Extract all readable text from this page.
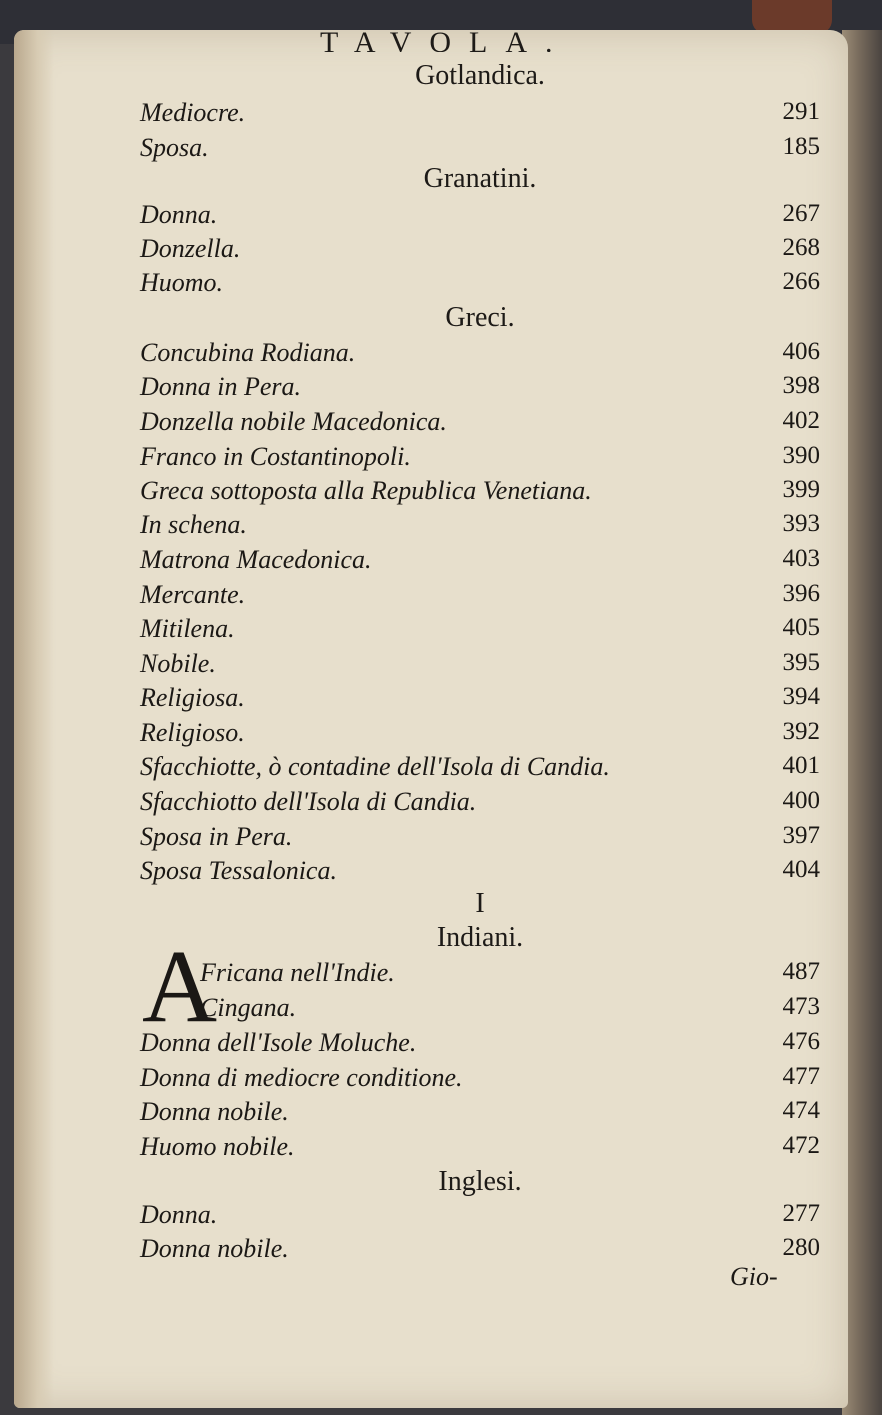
TAVOLA.
Gotlandica.
Mediocre.	291
Sposa.	185
Granatini.
Donna.	267
Donzella.	268
Huomo.	266
Greci.
Concubina Rodiana.	406
Donna in Pera.	398
Donzella nobile Macedonica.	402
Franco in Costantinopoli.	390
Greca sottoposta alla Republica Venetiana.	399
In schena.	393
Matrona Macedonica.	403
Mercante.	396
Mitilena.	405
Nobile.	395
Religiosa.	394
Religioso.	392
Sfacchiotte, ò contadine dell'Isola di Candia.	401
Sfacchiotto dell'Isola di Candia.	400
Sposa in Pera.	397
Sposa Tessalonica.	404
I
Indiani.
A
Fricana nell'Indie.	487
Cingana.	473
Donna dell'Isole Moluche.	476
Donna di mediocre conditione.	477
Donna nobile.	474
Huomo nobile.	472
Inglesi.
Donna.	277
Donna nobile.	280
Gio-
